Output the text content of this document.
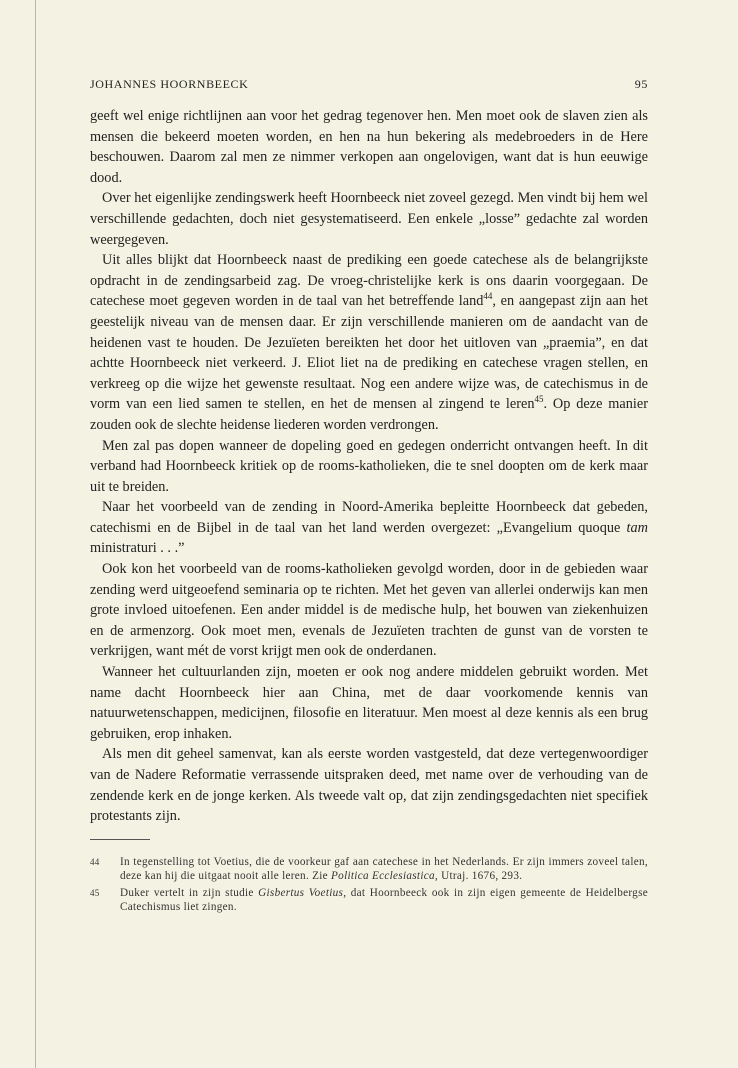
JOHANNES HOORNBEECK	95

geeft wel enige richtlijnen aan voor het gedrag tegenover hen. Men moet ook de slaven zien als mensen die bekeerd moeten worden, en hen na hun bekering als medebroeders in de Here beschouwen. Daarom zal men ze nimmer verkopen aan ongelovigen, want dat is hun eeuwige dood.

Over het eigenlijke zendingswerk heeft Hoornbeeck niet zoveel gezegd. Men vindt bij hem wel verschillende gedachten, doch niet gesystematiseerd. Een enkele „losse” gedachte zal worden weergegeven.

Uit alles blijkt dat Hoornbeeck naast de prediking een goede catechese als de belangrijkste opdracht in de zendingsarbeid zag. De vroeg-christelijke kerk is ons daarin voorgegaan. De catechese moet gegeven worden in de taal van het betreffende land$^{44}$, en aangepast zijn aan het geestelijk niveau van de mensen daar. Er zijn verschillende manieren om de aandacht van de heidenen vast te houden. De Jezuïeten bereikten het door het uitloven van „praemia”, en dat achtte Hoornbeeck niet verkeerd. J. Eliot liet na de prediking en catechese vragen stellen, en verkreeg op die wijze het gewenste resultaat. Nog een andere wijze was, de catechismus in de vorm van een lied samen te stellen, en het de mensen al zingend te leren$^{45}$. Op deze manier zouden ook de slechte heidense liederen worden verdrongen.

Men zal pas dopen wanneer de dopeling goed en gedegen onderricht ontvangen heeft. In dit verband had Hoornbeeck kritiek op de rooms-katholieken, die te snel doopten om de kerk maar uit te breiden.

Naar het voorbeeld van de zending in Noord-Amerika bepleitte Hoornbeeck dat gebeden, catechismi en de Bijbel in de taal van het land werden overgezet: „Evangelium quoque tam ministraturi . . .”

Ook kon het voorbeeld van de rooms-katholieken gevolgd worden, door in de gebieden waar zending werd uitgeoefend seminaria op te richten. Met het geven van allerlei onderwijs kan men grote invloed uitoefenen. Een ander middel is de medische hulp, het bouwen van ziekenhuizen en de armenzorg. Ook moet men, evenals de Jezuïeten trachten de gunst van de vorsten te verkrijgen, want mét de vorst krijgt men ook de onderdanen.

Wanneer het cultuurlanden zijn, moeten er ook nog andere middelen gebruikt worden. Met name dacht Hoornbeeck hier aan China, met de daar voorkomende kennis van natuurwetenschappen, medicijnen, filosofie en literatuur. Men moest al deze kennis als een brug gebruiken, erop inhaken.

Als men dit geheel samenvat, kan als eerste worden vastgesteld, dat deze vertegenwoordiger van de Nadere Reformatie verrassende uitspraken deed, met name over de verhouding van de zendende kerk en de jonge kerken. Als tweede valt op, dat zijn zendingsgedachten niet specifiek protestants zijn.

44 In tegenstelling tot Voetius, die de voorkeur gaf aan catechese in het Nederlands. Er zijn immers zoveel talen, deze kan hij die uitgaat nooit alle leren. Zie Politica Ecclesiastica, Utraj. 1676, 293.
45 Duker vertelt in zijn studie Gisbertus Voetius, dat Hoornbeeck ook in zijn eigen gemeente de Heidelbergse Catechismus liet zingen.
